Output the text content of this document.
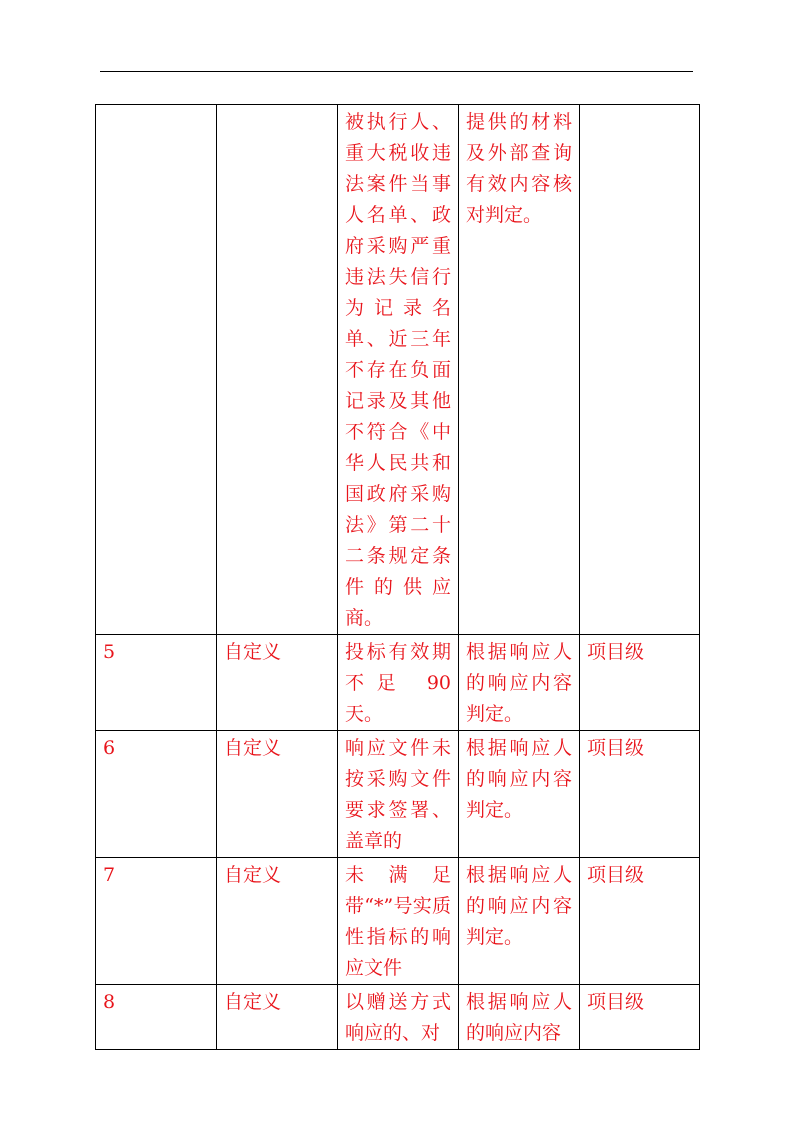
		被执行人、重大税收违法案件当事人名单、政府采购严重违法失信行为记录名单、近三年不存在负面记录及其他不符合《中华人民共和国政府采购法》第二十二条规定条件的供应商。	提供的材料及外部查询有效内容核对判定。	

5	自定义	投标有效期不足 90 天。	根据响应人的响应内容判定。	项目级

6	自定义	响应文件未按采购文件要求签署、盖章的	根据响应人的响应内容判定。	项目级

7	自定义	未满足带“*”号实质性指标的响应文件	根据响应人的响应内容判定。	项目级

8	自定义	以赠送方式响应的、对	根据响应人的响应内容	项目级
